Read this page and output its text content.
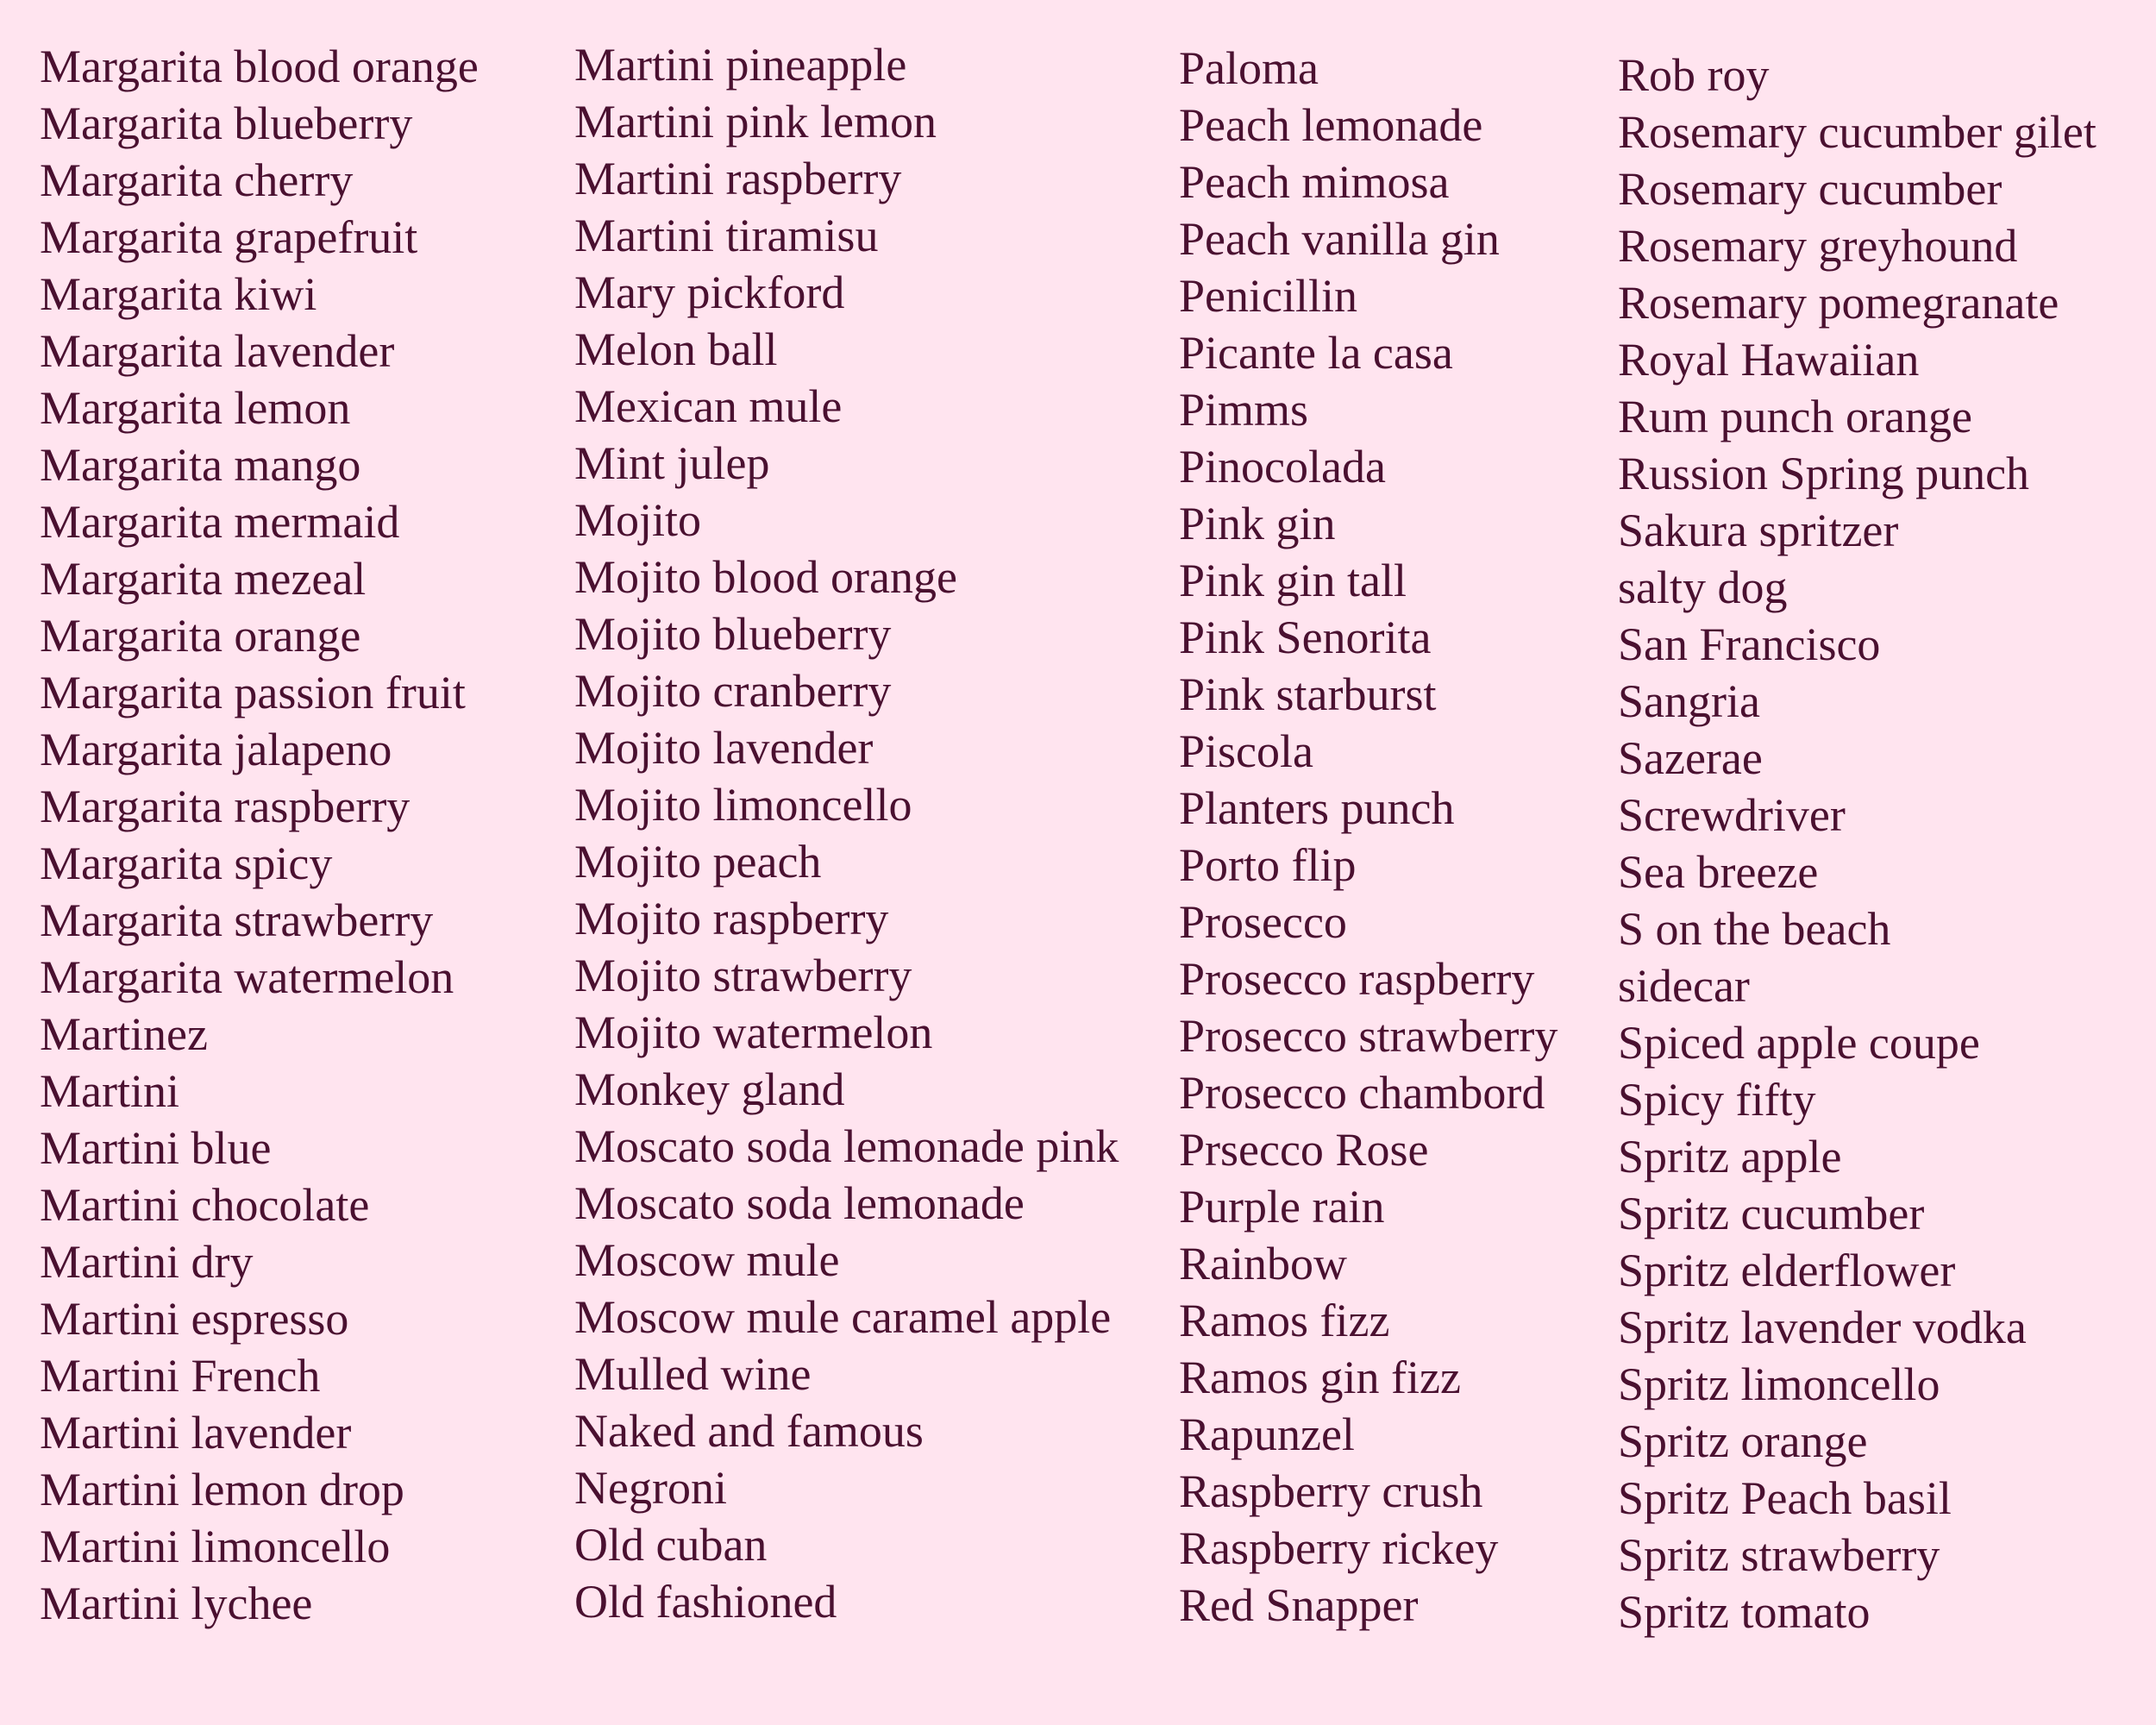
Margarita blood orange
Margarita blueberry
Margarita cherry
Margarita grapefruit
Margarita kiwi
Margarita lavender
Margarita lemon
Margarita mango
Margarita mermaid
Margarita mezeal
Margarita orange
Margarita passion fruit
Margarita jalapeno
Margarita raspberry
Margarita spicy
Margarita strawberry
Margarita watermelon
Martinez
Martini
Martini blue
Martini chocolate
Martini dry
Martini espresso
Martini French
Martini lavender
Martini lemon drop
Martini limoncello
Martini lychee
Martini pineapple
Martini pink lemon
Martini raspberry
Martini tiramisu
Mary pickford
Melon ball
Mexican mule
Mint julep
Mojito
Mojito blood orange
Mojito blueberry
Mojito cranberry
Mojito lavender
Mojito limoncello
Mojito peach
Mojito raspberry
Mojito strawberry
Mojito watermelon
Monkey gland
Moscato soda lemonade pink
Moscato soda lemonade
Moscow mule
Moscow mule caramel apple
Mulled wine
Naked and famous
Negroni
Old cuban
Old fashioned
Paloma
Peach lemonade
Peach mimosa
Peach vanilla gin
Penicillin
Picante la casa
Pimms
Pinocolada
Pink gin
Pink gin tall
Pink Senorita
Pink starburst
Piscola
Planters punch
Porto flip
Prosecco
Prosecco raspberry
Prosecco strawberry
Prosecco chambord
Prsecco Rose
Purple rain
Rainbow
Ramos fizz
Ramos gin fizz
Rapunzel
Raspberry crush
Raspberry rickey
Red Snapper
Rob roy
Rosemary cucumber gilet
Rosemary cucumber
Rosemary greyhound
Rosemary pomegranate
Royal Hawaiian
Rum punch orange
Russion Spring punch
Sakura spritzer
salty dog
San Francisco
Sangria
Sazerae
Screwdriver
Sea breeze
S on the beach
sidecar
Spiced apple coupe
Spicy fifty
Spritz apple
Spritz cucumber
Spritz elderflower
Spritz lavender vodka
Spritz limoncello
Spritz orange
Spritz Peach basil
Spritz strawberry
Spritz tomato
